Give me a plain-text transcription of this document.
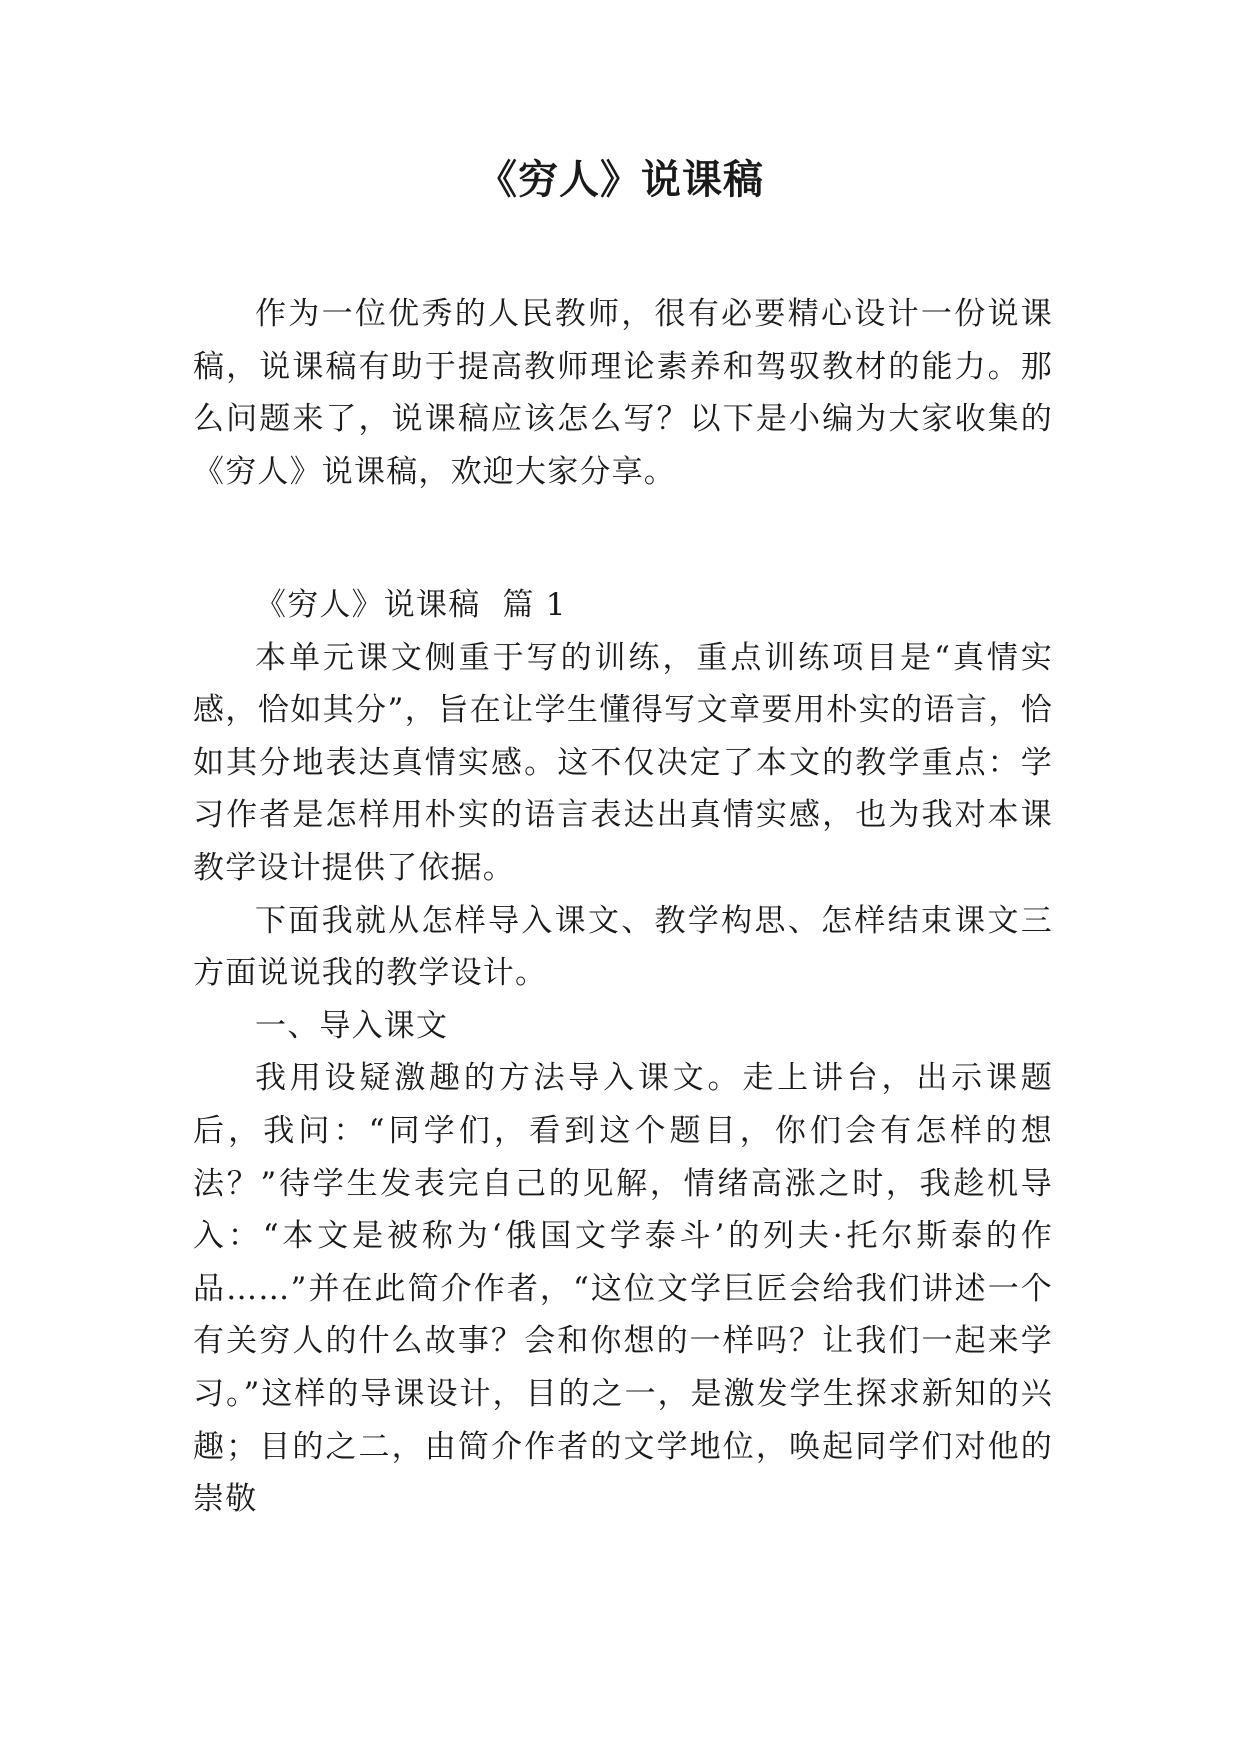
《穷人》说课稿

作为一位优秀的人民教师，很有必要精心设计一份说课稿，说课稿有助于提高教师理论素养和驾驭教材的能力。那么问题来了，说课稿应该怎么写？以下是小编为大家收集的《穷人》说课稿，欢迎大家分享。

《穷人》说课稿  篇 1

本单元课文侧重于写的训练，重点训练项目是“真情实感，恰如其分”，旨在让学生懂得写文章要用朴实的语言，恰如其分地表达真情实感。这不仅决定了本文的教学重点：学习作者是怎样用朴实的语言表达出真情实感，也为我对本课教学设计提供了依据。

下面我就从怎样导入课文、教学构思、怎样结束课文三方面说说我的教学设计。

一、导入课文

我用设疑激趣的方法导入课文。走上讲台，出示课题后，我问：“同学们，看到这个题目，你们会有怎样的想法？”待学生发表完自己的见解，情绪高涨之时，我趁机导入：“本文是被称为‘俄国文学泰斗’的列夫·托尔斯泰的作品……”并在此简介作者，“这位文学巨匠会给我们讲述一个有关穷人的什么故事？会和你想的一样吗？让我们一起来学习。”这样的导课设计，目的之一，是激发学生探求新知的兴趣；目的之二，由简介作者的文学地位，唤起同学们对他的崇敬
